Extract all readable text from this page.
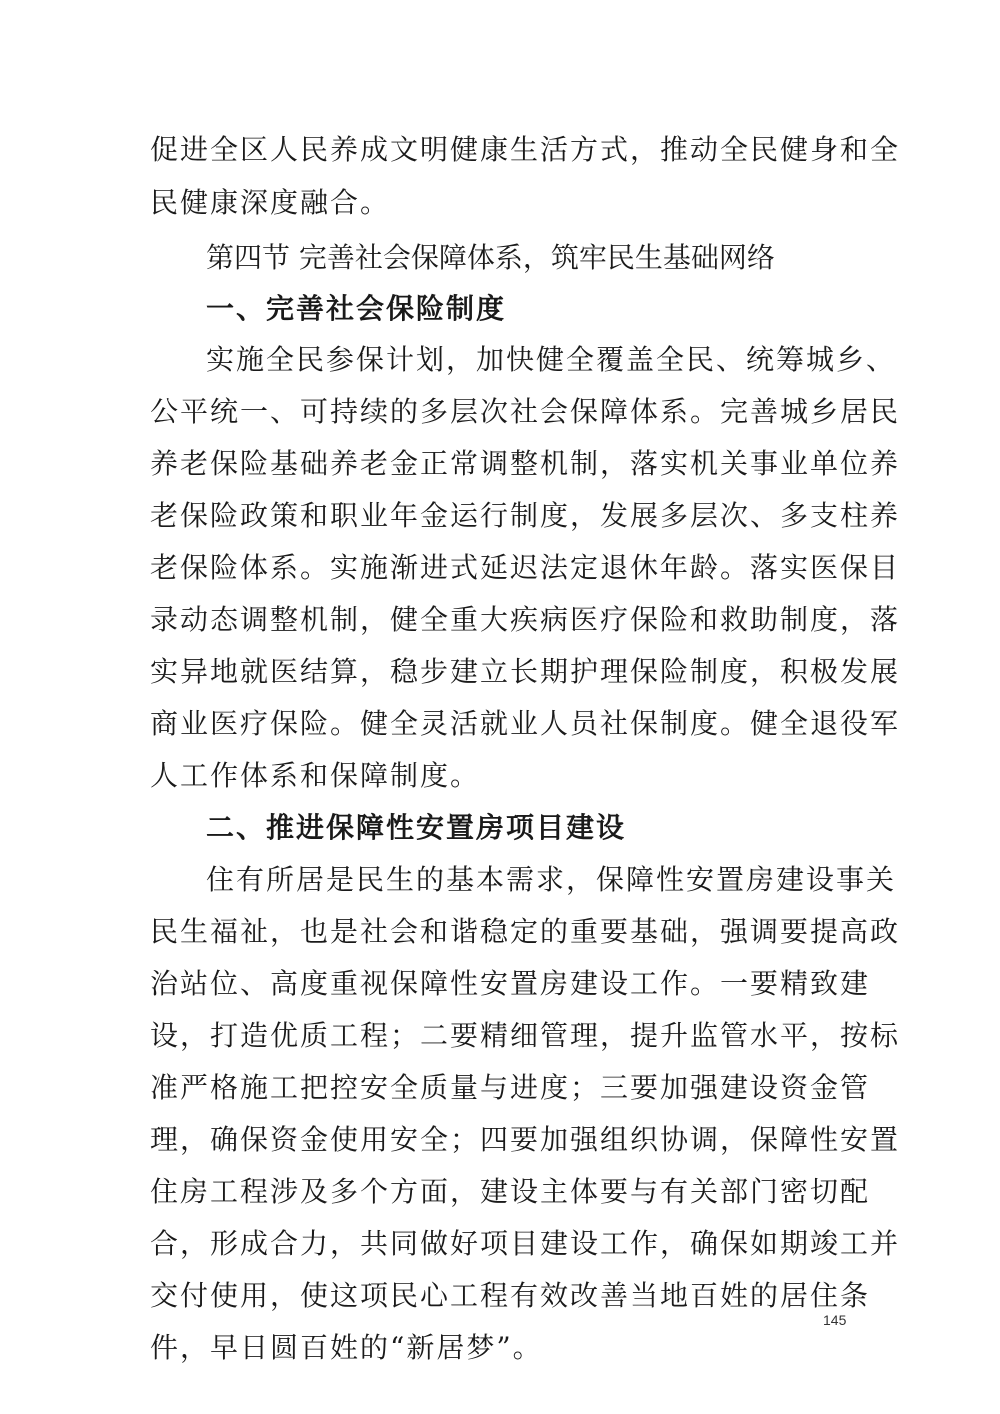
促进全区人民养成文明健康生活方式，推动全民健身和全
民健康深度融合。
第四节 完善社会保障体系，筑牢民生基础网络
一、完善社会保险制度
实施全民参保计划，加快健全覆盖全民、统筹城乡、
公平统一、可持续的多层次社会保障体系。完善城乡居民
养老保险基础养老金正常调整机制，落实机关事业单位养
老保险政策和职业年金运行制度，发展多层次、多支柱养
老保险体系。实施渐进式延迟法定退休年龄。落实医保目
录动态调整机制，健全重大疾病医疗保险和救助制度，落
实异地就医结算，稳步建立长期护理保险制度，积极发展
商业医疗保险。健全灵活就业人员社保制度。健全退役军
人工作体系和保障制度。
二、推进保障性安置房项目建设
住有所居是民生的基本需求，保障性安置房建设事关
民生福祉，也是社会和谐稳定的重要基础，强调要提高政
治站位、高度重视保障性安置房建设工作。一要精致建
设，打造优质工程；二要精细管理，提升监管水平，按标
准严格施工把控安全质量与进度；三要加强建设资金管
理，确保资金使用安全；四要加强组织协调，保障性安置
住房工程涉及多个方面，建设主体要与有关部门密切配
合，形成合力，共同做好项目建设工作，确保如期竣工并
交付使用，使这项民心工程有效改善当地百姓的居住条
件，早日圆百姓的“新居梦”。
145
